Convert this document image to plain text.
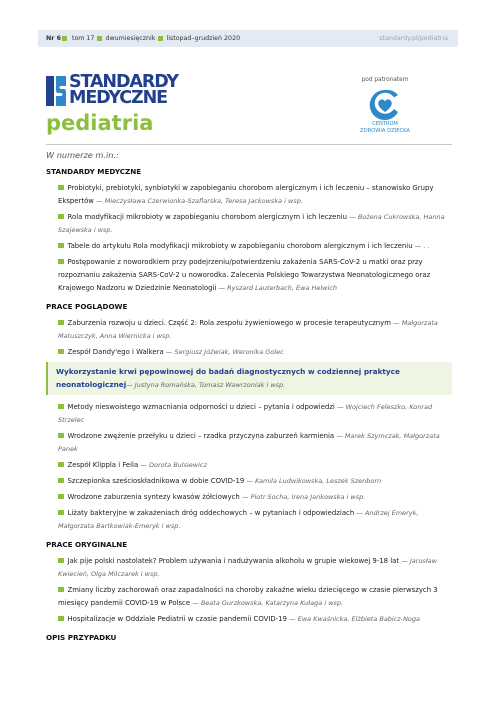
Nr 6 tom 17 dwumiesięcznik listopad–grudzień 2020	standardy.pl/pediatria
STANDARDY
MEDYCZNE
pediatria
pod patronatem
CENTRUM
ZDROWIA DZIECKA
W numerze m.in.:
STANDARDY MEDYCZNE
Probiotyki, prebiotyki, synbiotyki w zapobieganiu chorobom alergicznym i ich leczeniu – stanowisko Grupy Ekspertów — Mieczysława Czerwionka-Szaflarska, Teresa Jackowska i wsp.
Rola modyfikacji mikrobioty w zapobieganiu chorobom alergicznym i ich leczeniu — Bożena Cukrowska, Hanna Szajewska i wsp.
Tabele do artykułu Rola modyfikacji mikrobioty w zapobieganiu chorobom alergicznym i ich leczeniu — . .
Postępowanie z noworodkiem przy podejrzeniu/potwierdzeniu zakażenia SARS-CoV-2 u matki oraz przy rozpoznaniu zakażenia SARS-CoV-2 u noworodka. Zalecenia Polskiego Towarzystwa Neonatologicznego oraz Krajowego Nadzoru w Dziedzinie Neonatologii — Ryszard Lauterbach, Ewa Helwich
PRACE POGLĄDOWE
Zaburzenia rozwoju u dzieci. Część 2: Rola zespołu żywieniowego w procesie terapeutycznym — Małgorzata Matuszczyk, Anna Wiernicka i wsp.
Zespół Dandy'ego i Walkera — Sergiusz Jóźwiak, Weronika Golec
Wykorzystanie krwi pępowinowej do badań diagnostycznych w codziennej praktyce neonatologicznej— Justyna Romańska, Tomasz Wawrzoniak i wsp.
Metody nieswoistego wzmacniania odporności u dzieci – pytania i odpowiedzi — Wojciech Feleszko, Konrad Strzelec
Wrodzone zwężenie przełyku u dzieci – rzadka przyczyna zaburzeń karmienia — Marek Szymczak, Małgorzata Panek
Zespół Klippla i Feila — Dorota Bulsiewicz
Szczepionka sześcioskładnikowa w dobie COVID-19 — Kamila Ludwikowska, Leszek Szenborn
Wrodzone zaburzenia syntezy kwasów żółciowych — Piotr Socha, Irena Jankowska i wsp.
Liżaty bakteryjne w zakażeniach dróg oddechowych – w pytaniach i odpowiedziach — Andrzej Emeryk, Małgorzata Bartkowiak-Emeryk i wsp.
PRACE ORYGINALNE
Jak pije polski nastolatek? Problem używania i nadużywania alkoholu w grupie wiekowej 9-18 lat — Jarosław Kwiecień, Olga Milczarek i wsp.
Zmiany liczby zachorowań oraz zapadalności na choroby zakaźne wieku dziecięcego w czasie pierwszych 3 miesięcy pandemii COVID-19 w Polsce — Beata Gurzkowska, Katarzyna Kułaga i wsp.
Hospitalizacje w Oddziale Pediatrii w czasie pandemii COVID-19 — Ewa Kwaśnicka, Elżbieta Babicz-Noga
OPIS PRZYPADKU
